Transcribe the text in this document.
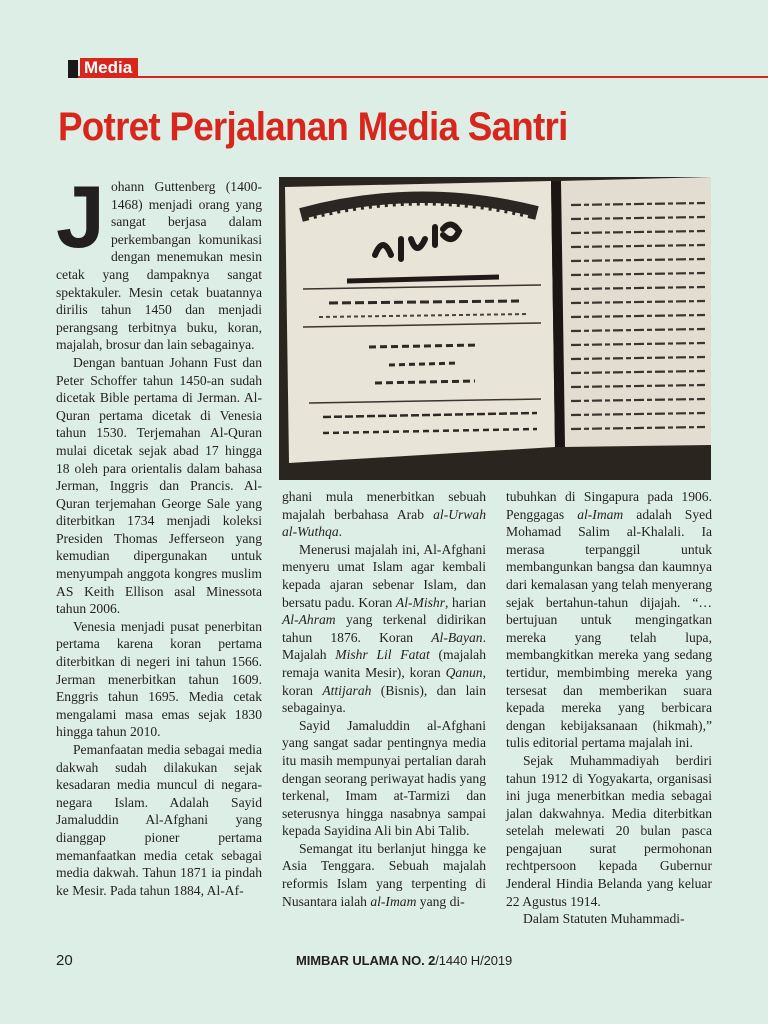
Media
Potret Perjalanan Media Santri

Johann Guttenberg (1400-1468) menjadi orang yang sangat berjasa dalam perkembangan komunikasi dengan menemukan mesin cetak yang dampaknya sangat spektakuler. Mesin cetak buatannya dirilis tahun 1450 dan menjadi perangsang terbitnya buku, koran, majalah, brosur dan lain sebagainya.

Dengan bantuan Johann Fust dan Peter Schoffer tahun 1450-an sudah dicetak Bible pertama di Jerman. Al-Quran pertama dicetak di Venesia tahun 1530. Terjemahan Al-Quran mulai dicetak sejak abad 17 hingga 18 oleh para orientalis dalam bahasa Jerman, Inggris dan Prancis. Al-Quran terjemahan George Sale yang diterbitkan 1734 menjadi koleksi Presiden Thomas Jefferseon yang kemudian dipergunakan untuk menyumpah anggota kongres muslim AS Keith Ellison asal Minessota tahun 2006.

Venesia menjadi pusat penerbitan pertama karena koran pertama diterbitkan di negeri ini tahun 1566. Jerman menerbitkan tahun 1609. Enggris tahun 1695. Media cetak mengalami masa emas sejak 1830 hingga tahun 2010.

Pemanfaatan media sebagai media dakwah sudah dilakukan sejak kesadaran media muncul di negara-negara Islam. Adalah Sayid Jamaluddin Al-Afghani yang dianggap pioner pertama memanfaatkan media cetak sebagai media dakwah. Tahun 1871 ia pindah ke Mesir. Pada tahun 1884, Al-Af-

ghani mula menerbitkan sebuah majalah berbahasa Arab al-Urwah al-Wuthqa.

Menerusi majalah ini, Al-Afghani menyeru umat Islam agar kembali kepada ajaran sebenar Islam, dan bersatu padu. Koran Al-Mishr, harian Al-Ahram yang terkenal didirikan tahun 1876. Koran Al-Bayan. Majalah Mishr Lil Fatat (majalah remaja wanita Mesir), koran Qanun, koran Attijarah (Bisnis), dan lain sebagainya.

Sayid Jamaluddin al-Afghani yang sangat sadar pentingnya media itu masih mempunyai pertalian darah dengan seorang periwayat hadis yang terkenal, Imam at-Tarmizi dan seterusnya hingga nasabnya sampai kepada Sayidina Ali bin Abi Talib.

Semangat itu berlanjut hingga ke Asia Tenggara. Sebuah majalah reformis Islam yang terpenting di Nusantara ialah al-Imam yang di-

tubuhkan di Singapura pada 1906. Penggagas al-Imam adalah Syed Mohamad Salim al-Khalali. Ia merasa terpanggil untuk membangunkan bangsa dan kaumnya dari kemalasan yang telah menyerang sejak bertahun-tahun dijajah. “… bertujuan untuk mengingatkan mereka yang telah lupa, membangkitkan mereka yang sedang tertidur, membimbing mereka yang tersesat dan memberikan suara kepada mereka yang berbicara dengan kebijaksanaan (hikmah),” tulis editorial pertama majalah ini.

Sejak Muhammadiyah berdiri tahun 1912 di Yogyakarta, organisasi ini juga menerbitkan media sebagai jalan dakwahnya. Media diterbitkan setelah melewati 20 bulan pasca pengajuan surat permohonan rechtpersoon kepada Gubernur Jenderal Hindia Belanda yang keluar 22 Agustus 1914.

Dalam Statuten Muhammadi-

20	MIMBAR ULAMA NO. 2/1440 H/2019
